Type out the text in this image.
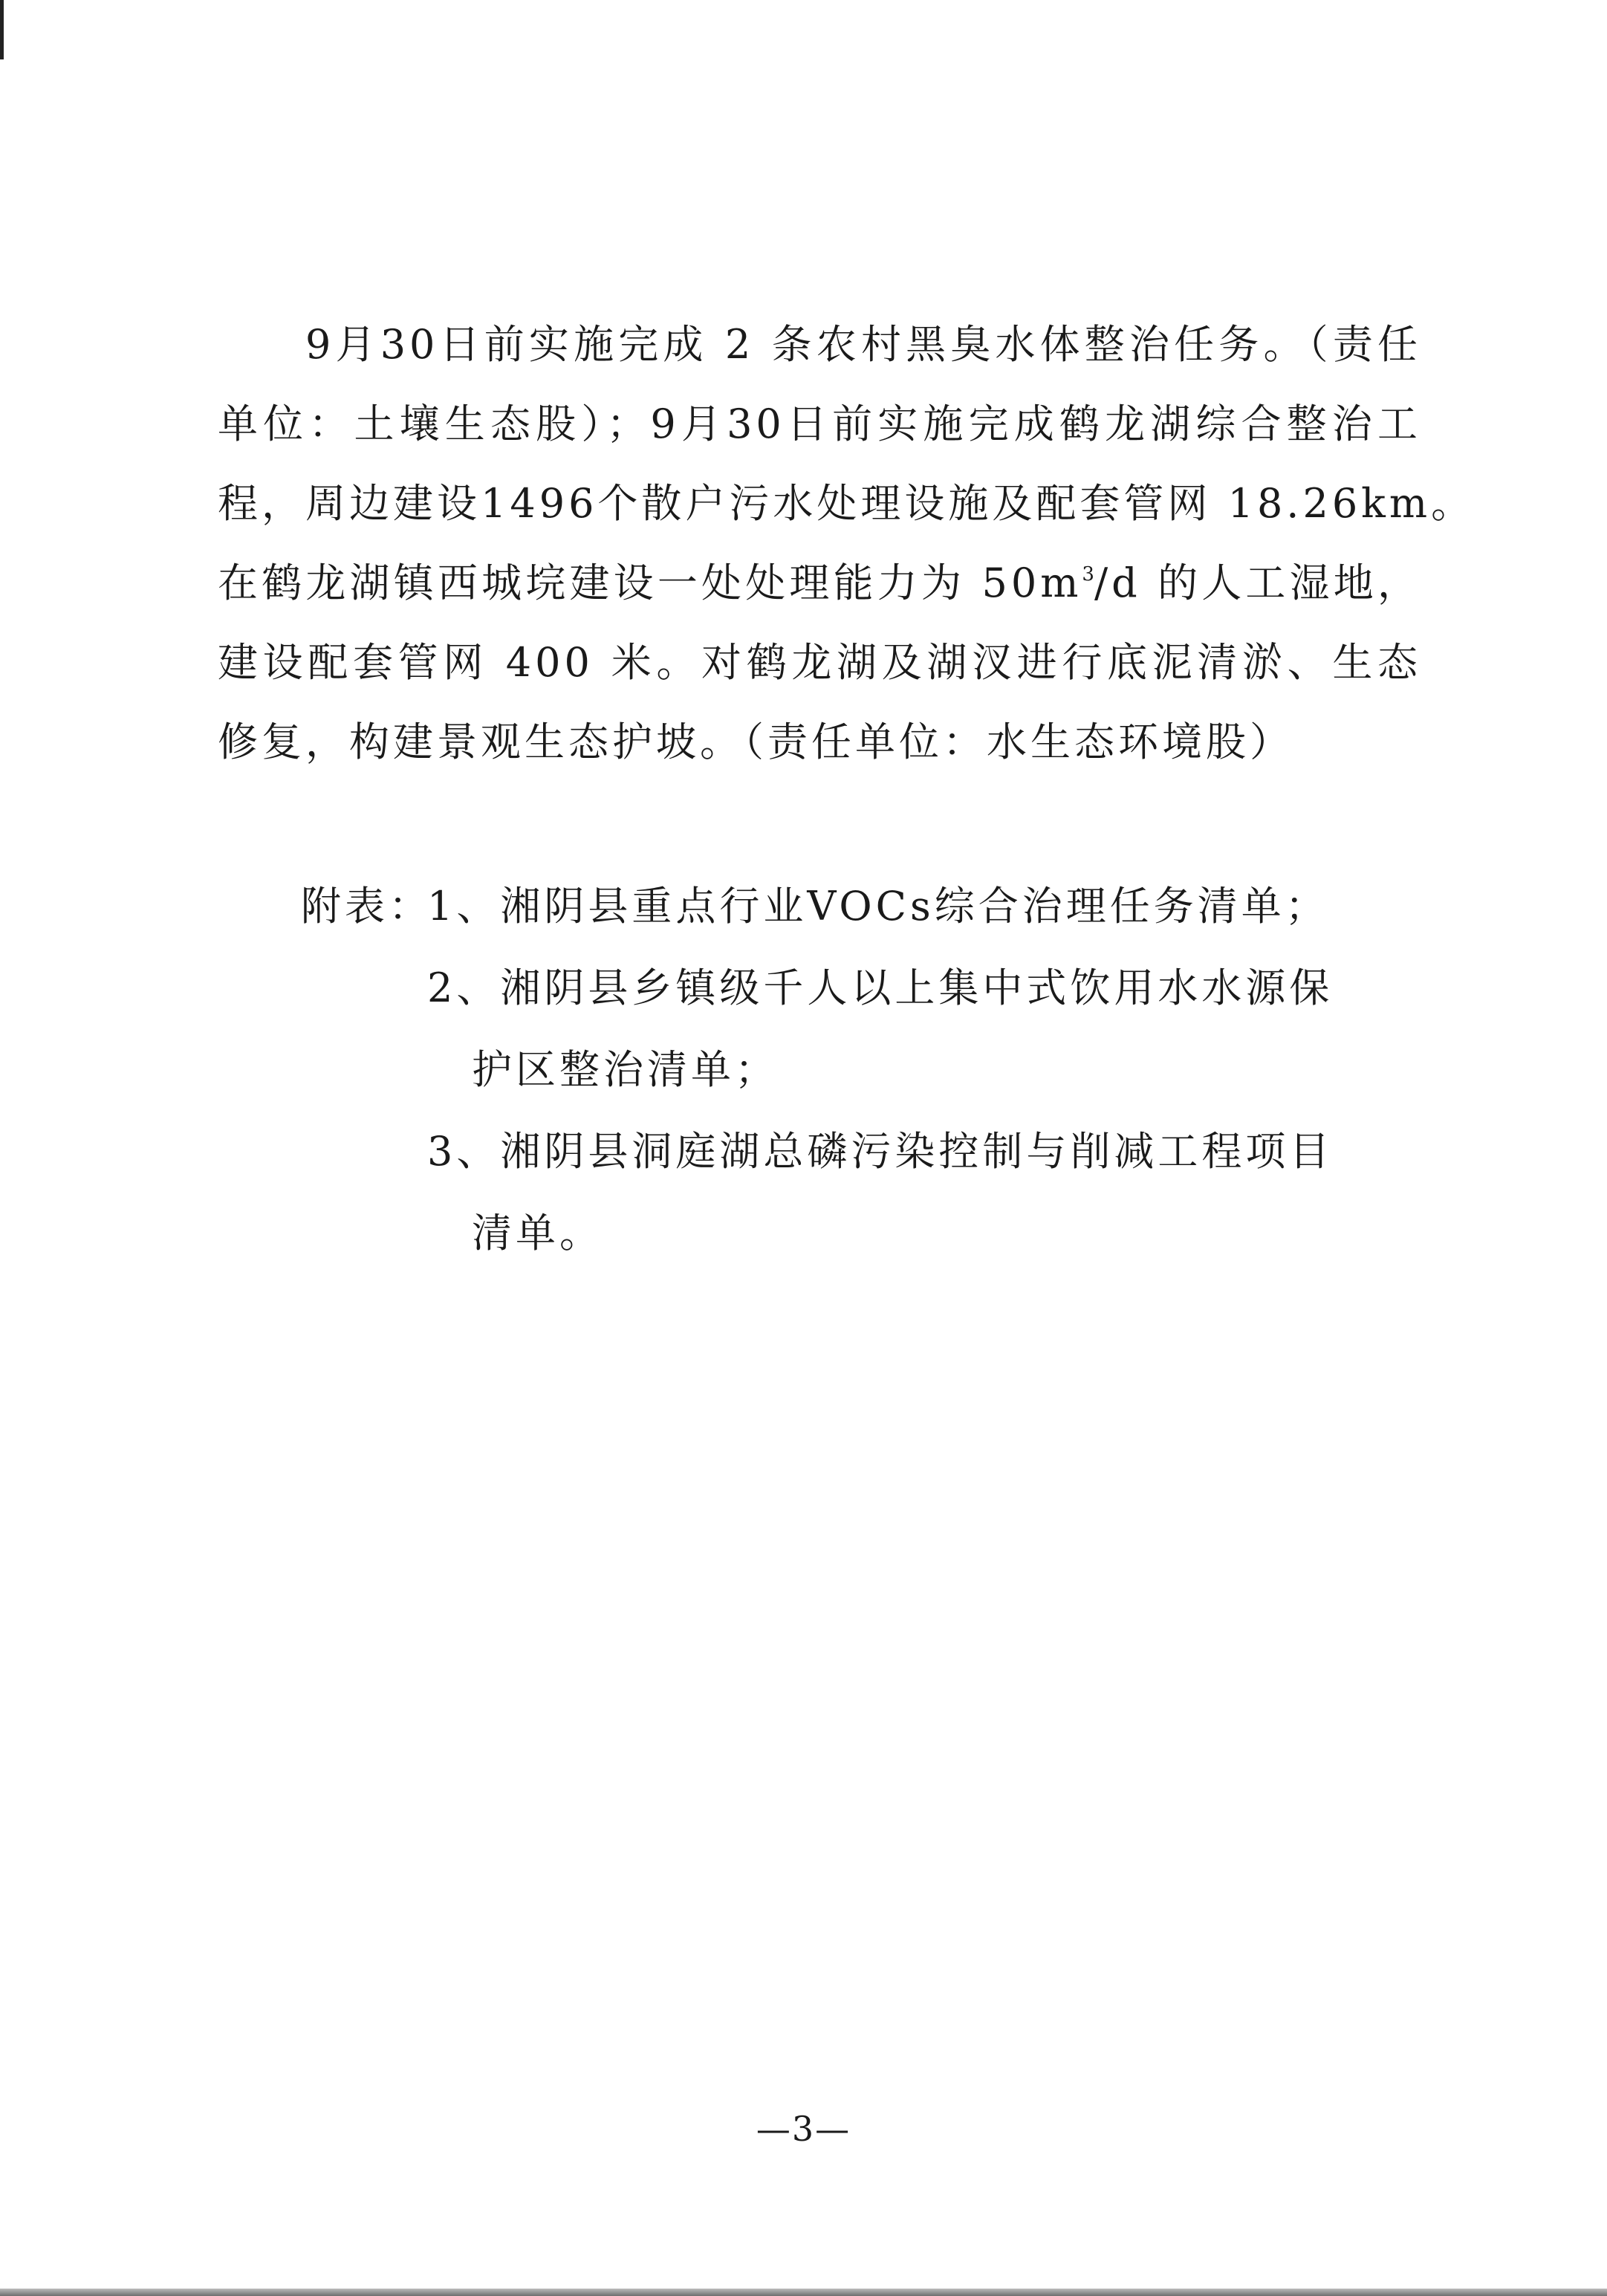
9月30日前实施完成 2 条农村黑臭水体整治任务。（责任
单位：土壤生态股）；9月30日前实施完成鹤龙湖综合整治工
程，周边建设1496个散户污水处理设施及配套管网 18.26km。
在鹤龙湖镇西城垸建设一处处理能力为 $50m^3/d$ 的人工湿地，
建设配套管网 400 米。对鹤龙湖及湖汊进行底泥清淤、生态
修复，构建景观生态护坡。（责任单位：水生态环境股）
附表：
1、湘阴县重点行业VOCs综合治理任务清单；
2、湘阴县乡镇级千人以上集中式饮用水水源保
护区整治清单；
3、湘阴县洞庭湖总磷污染控制与削减工程项目
清单。
—3—
